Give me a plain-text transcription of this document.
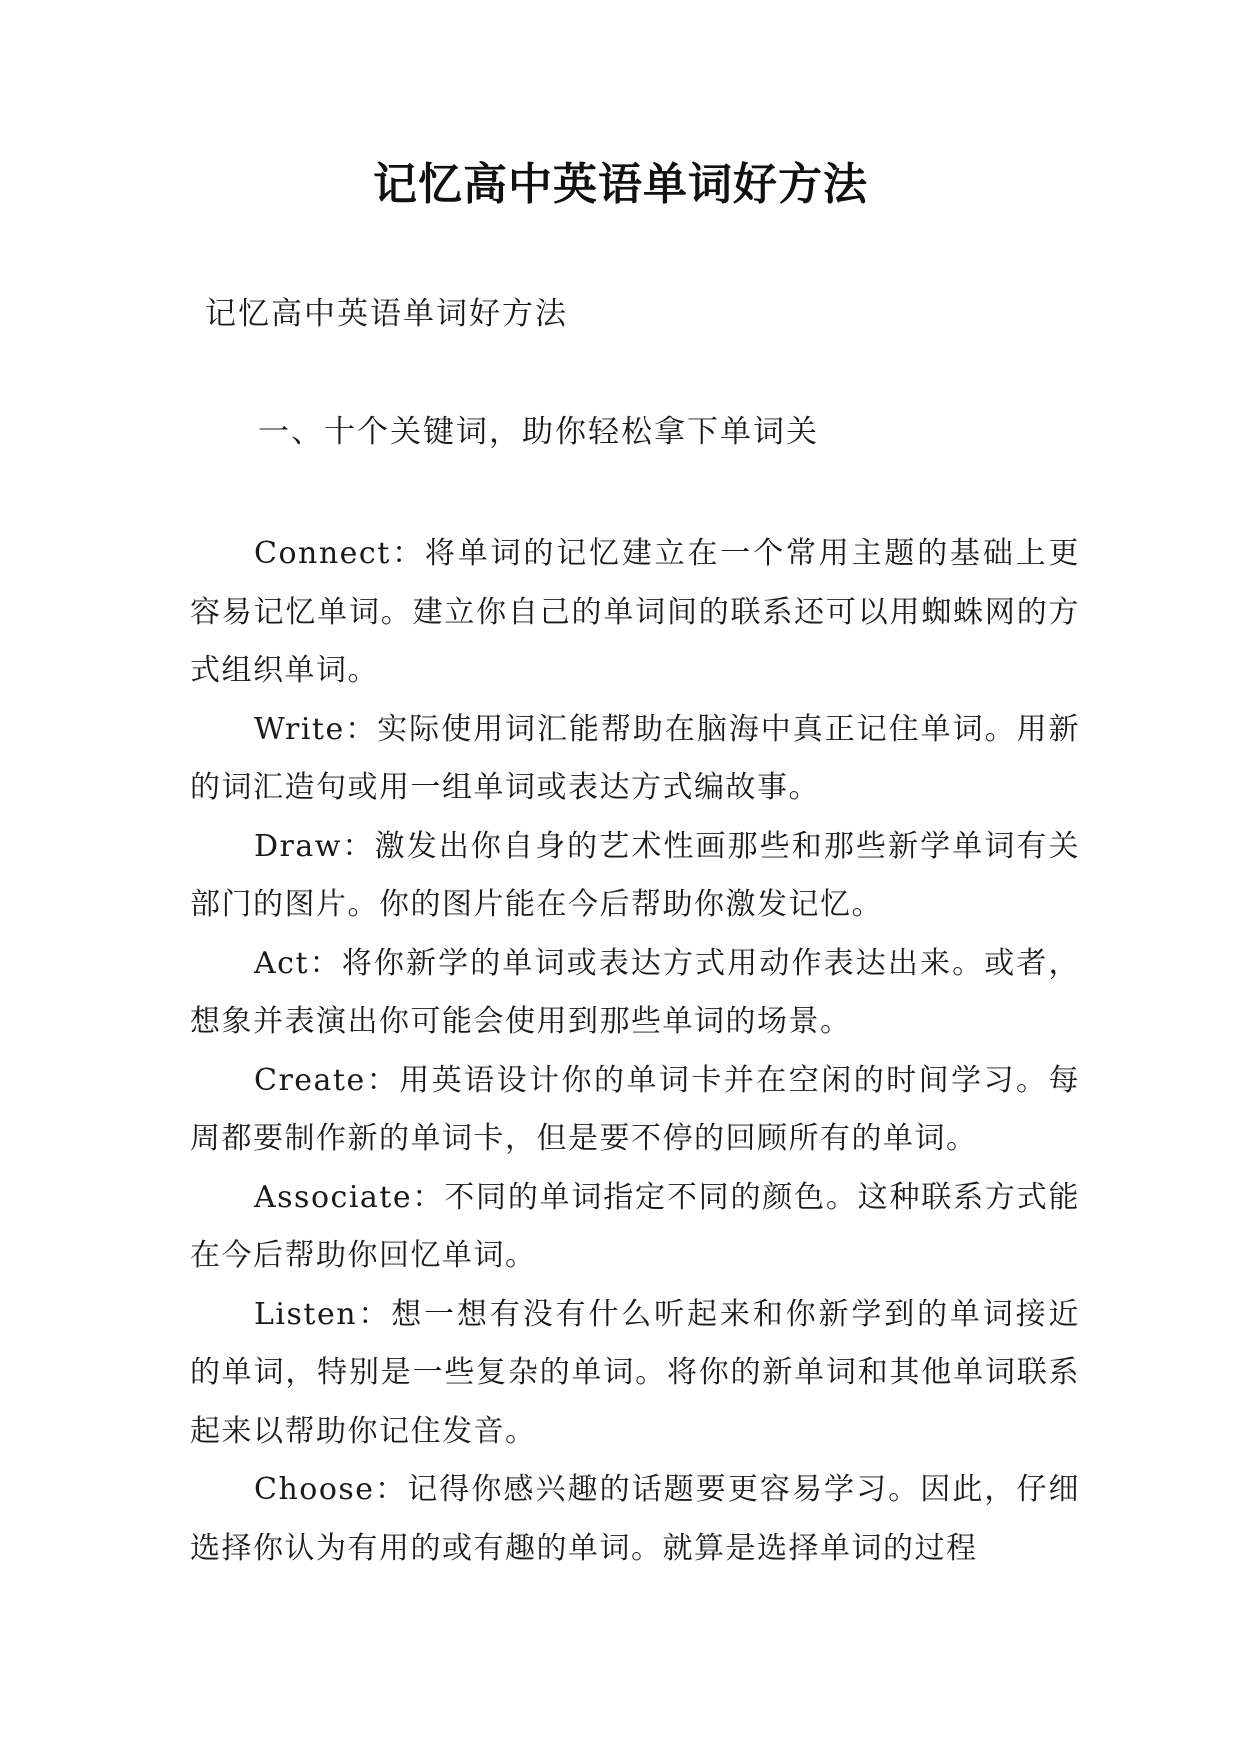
记忆高中英语单词好方法
记忆高中英语单词好方法
一、十个关键词，助你轻松拿下单词关

Connect：将单词的记忆建立在一个常用主题的基础上更容易记忆单词。建立你自己的单词间的联系还可以用蜘蛛网的方式组织单词。

Write：实际使用词汇能帮助在脑海中真正记住单词。用新的词汇造句或用一组单词或表达方式编故事。

Draw：激发出你自身的艺术性画那些和那些新学单词有关部门的图片。你的图片能在今后帮助你激发记忆。

Act：将你新学的单词或表达方式用动作表达出来。或者，想象并表演出你可能会使用到那些单词的场景。

Create：用英语设计你的单词卡并在空闲的时间学习。每周都要制作新的单词卡，但是要不停的回顾所有的单词。

Associate：不同的单词指定不同的颜色。这种联系方式能在今后帮助你回忆单词。

Listen：想一想有没有什么听起来和你新学到的单词接近的单词，特别是一些复杂的单词。将你的新单词和其他单词联系起来以帮助你记住发音。

Choose：记得你感兴趣的话题要更容易学习。因此，仔细选择你认为有用的或有趣的单词。就算是选择单词的过程
